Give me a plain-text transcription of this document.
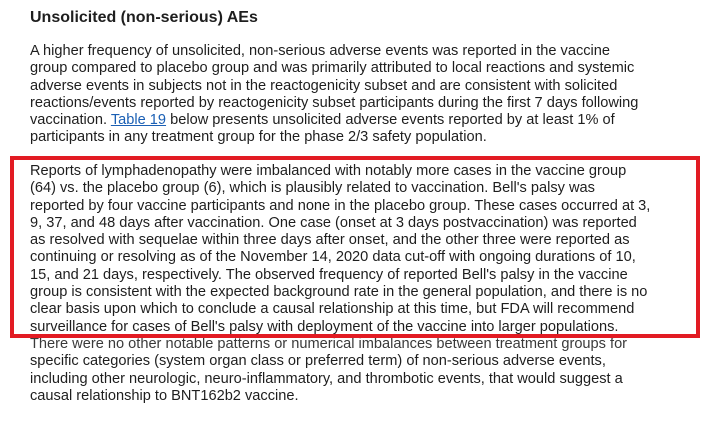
Unsolicited (non-serious) AEs
A higher frequency of unsolicited, non-serious adverse events was reported in the vaccine
group compared to placebo group and was primarily attributed to local reactions and systemic
adverse events in subjects not in the reactogenicity subset and are consistent with solicited
reactions/events reported by reactogenicity subset participants during the first 7 days following
vaccination. Table 19 below presents unsolicited adverse events reported by at least 1% of
participants in any treatment group for the phase 2/3 safety population.
Reports of lymphadenopathy were imbalanced with notably more cases in the vaccine group
(64) vs. the placebo group (6), which is plausibly related to vaccination. Bell's palsy was
reported by four vaccine participants and none in the placebo group. These cases occurred at 3,
9, 37, and 48 days after vaccination. One case (onset at 3 days postvaccination) was reported
as resolved with sequelae within three days after onset, and the other three were reported as
continuing or resolving as of the November 14, 2020 data cut-off with ongoing durations of 10,
15, and 21 days, respectively. The observed frequency of reported Bell's palsy in the vaccine
group is consistent with the expected background rate in the general population, and there is no
clear basis upon which to conclude a causal relationship at this time, but FDA will recommend
surveillance for cases of Bell's palsy with deployment of the vaccine into larger populations.
There were no other notable patterns or numerical imbalances between treatment groups for
specific categories (system organ class or preferred term) of non-serious adverse events,
including other neurologic, neuro-inflammatory, and thrombotic events, that would suggest a
causal relationship to BNT162b2 vaccine.
